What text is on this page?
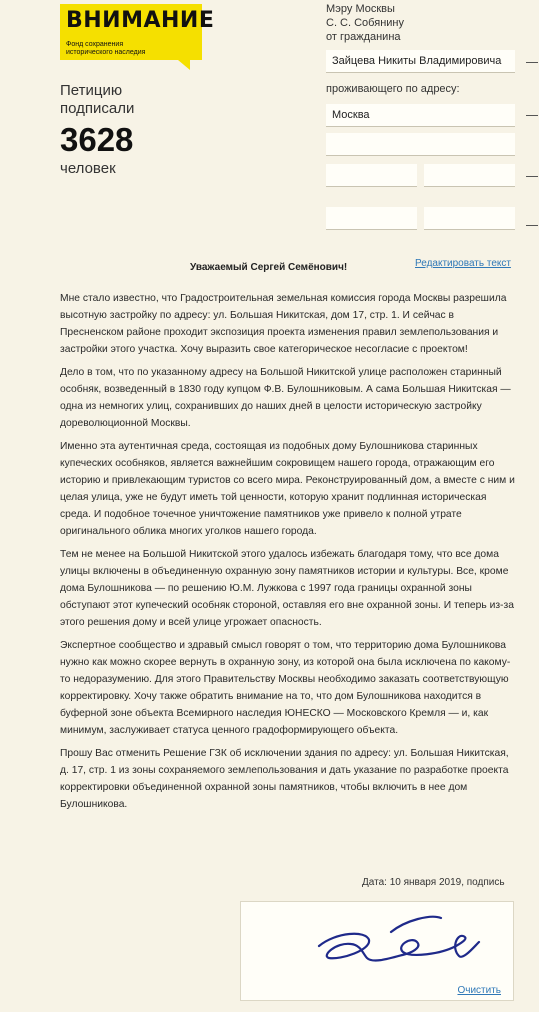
ВНИМАНИЕ
Фонд сохранения
исторического наследия
Петицию
подписали
3628
человек
Мэру Москвы
С. С. Собянину
от гражданина
Зайцева Никиты Владимировича
проживающего по адресу:
Москва
Уважаемый Сергей Семёнович!	Редактировать текст

Мне стало известно, что Градостроительная земельная комиссия города Москвы разрешила высотную застройку по адресу: ул. Большая Никитская, дом 17, стр. 1. И сейчас в Пресненском районе проходит экспозиция проекта изменения правил землепользования и застройки этого участка. Хочу выразить свое категорическое несогласие с проектом!

Дело в том, что по указанному адресу на Большой Никитской улице расположен старинный особняк, возведенный в 1830 году купцом Ф.В. Булошниковым. А сама Большая Никитская — одна из немногих улиц, сохранивших до наших дней в целости историческую застройку дореволюционной Москвы.

Именно эта аутентичная среда, состоящая из подобных дому Булошникова старинных купеческих особняков, является важнейшим сокровищем нашего города, отражающим его историю и привлекающим туристов со всего мира. Реконструированный дом, а вместе с ним и целая улица, уже не будут иметь той ценности, которую хранит подлинная историческая среда. И подобное точечное уничтожение памятников уже привело к полной утрате оригинального облика многих уголков нашего города.

Тем не менее на Большой Никитской этого удалось избежать благодаря тому, что все дома улицы включены в объединенную охранную зону памятников истории и культуры. Все, кроме дома Булошникова — по решению Ю.М. Лужкова с 1997 года границы охранной зоны обступают этот купеческий особняк стороной, оставляя его вне охранной зоны. И теперь из-за этого решения дому и всей улице угрожает опасность.

Экспертное сообщество и здравый смысл говорят о том, что территорию дома Булошникова нужно как можно скорее вернуть в охранную зону, из которой она была исключена по какому-то недоразумению. Для этого Правительству Москвы необходимо заказать соответствующую корректировку. Хочу также обратить внимание на то, что дом Булошникова находится в буферной зоне объекта Всемирного наследия ЮНЕСКО — Московского Кремля — и, как минимум, заслуживает статуса ценного градоформирующего объекта.

Прошу Вас отменить Решение ГЗК об исключении здания по адресу: ул. Большая Никитская, д. 17, стр. 1 из зоны сохраняемого землепользования и дать указание по разработке проекта корректировки объединенной охранной зоны памятников, чтобы включить в нее дом Булошникова.

Дата: 10 января 2019, подпись
Очистить
